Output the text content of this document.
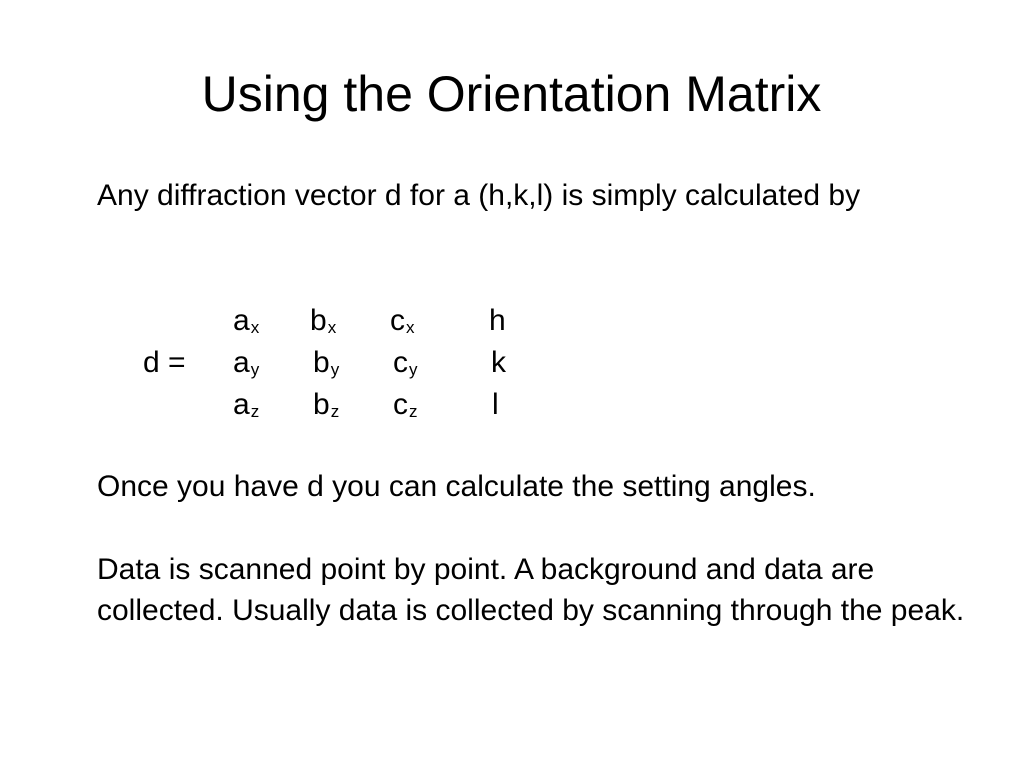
Using the Orientation Matrix

Any diffraction vector d for a (h,k,l) is simply calculated by

d =
$a_x$ $b_x$ $c_x$ h
$a_y$ $b_y$ $c_y$ k
$a_z$ $b_z$ $c_z$ l

Once you have d you can calculate the setting angles.

Data is scanned point by point. A background and data are collected. Usually data is collected by scanning through the peak.
